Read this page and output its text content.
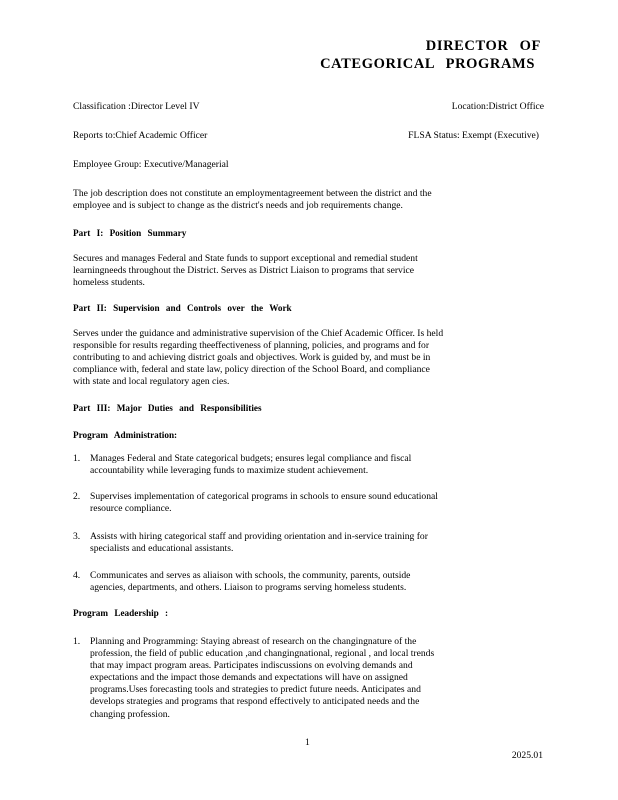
DIRECTOR OF
CATEGORICAL PROGRAMS
Classification :Director Level IV	Location:District Office
Reports to:Chief Academic Officer	FLSA Status: Exempt (Executive)
Employee Group: Executive/Managerial
The job description does not constitute an employmentagreement between the district and the
employee and is subject to change as the district's needs and job requirements change.
Part I: Position Summary
Secures and manages Federal and State funds to support exceptional and remedial student
learningneeds throughout the District. Serves as District Liaison to programs that service
homeless students.
Part II: Supervision and Controls over the Work
Serves under the guidance and administrative supervision of the Chief Academic Officer. Is held
responsible for results regarding theeffectiveness of planning, policies, and programs and for
contributing to and achieving district goals and objectives. Work is guided by, and must be in
compliance with, federal and state law, policy direction of the School Board, and compliance
with state and local regulatory agen cies.
Part III: Major Duties and Responsibilities
Program Administration:
1. Manages Federal and State categorical budgets; ensures legal compliance and fiscal
accountability while leveraging funds to maximize student achievement.
2. Supervises implementation of categorical programs in schools to ensure sound educational
resource compliance.
3. Assists with hiring categorical staff and providing orientation and in-service training for
specialists and educational assistants.
4. Communicates and serves as aliaison with schools, the community, parents, outside
agencies, departments, and others. Liaison to programs serving homeless students.
Program Leadership :
1. Planning and Programming: Staying abreast of research on the changingnature of the
profession, the field of public education ,and changingnational, regional , and local trends
that may impact program areas. Participates indiscussions on evolving demands and
expectations and the impact those demands and expectations will have on assigned
programs.Uses forecasting tools and strategies to predict future needs. Anticipates and
develops strategies and programs that respond effectively to anticipated needs and the
changing profession.
1
2025.01
